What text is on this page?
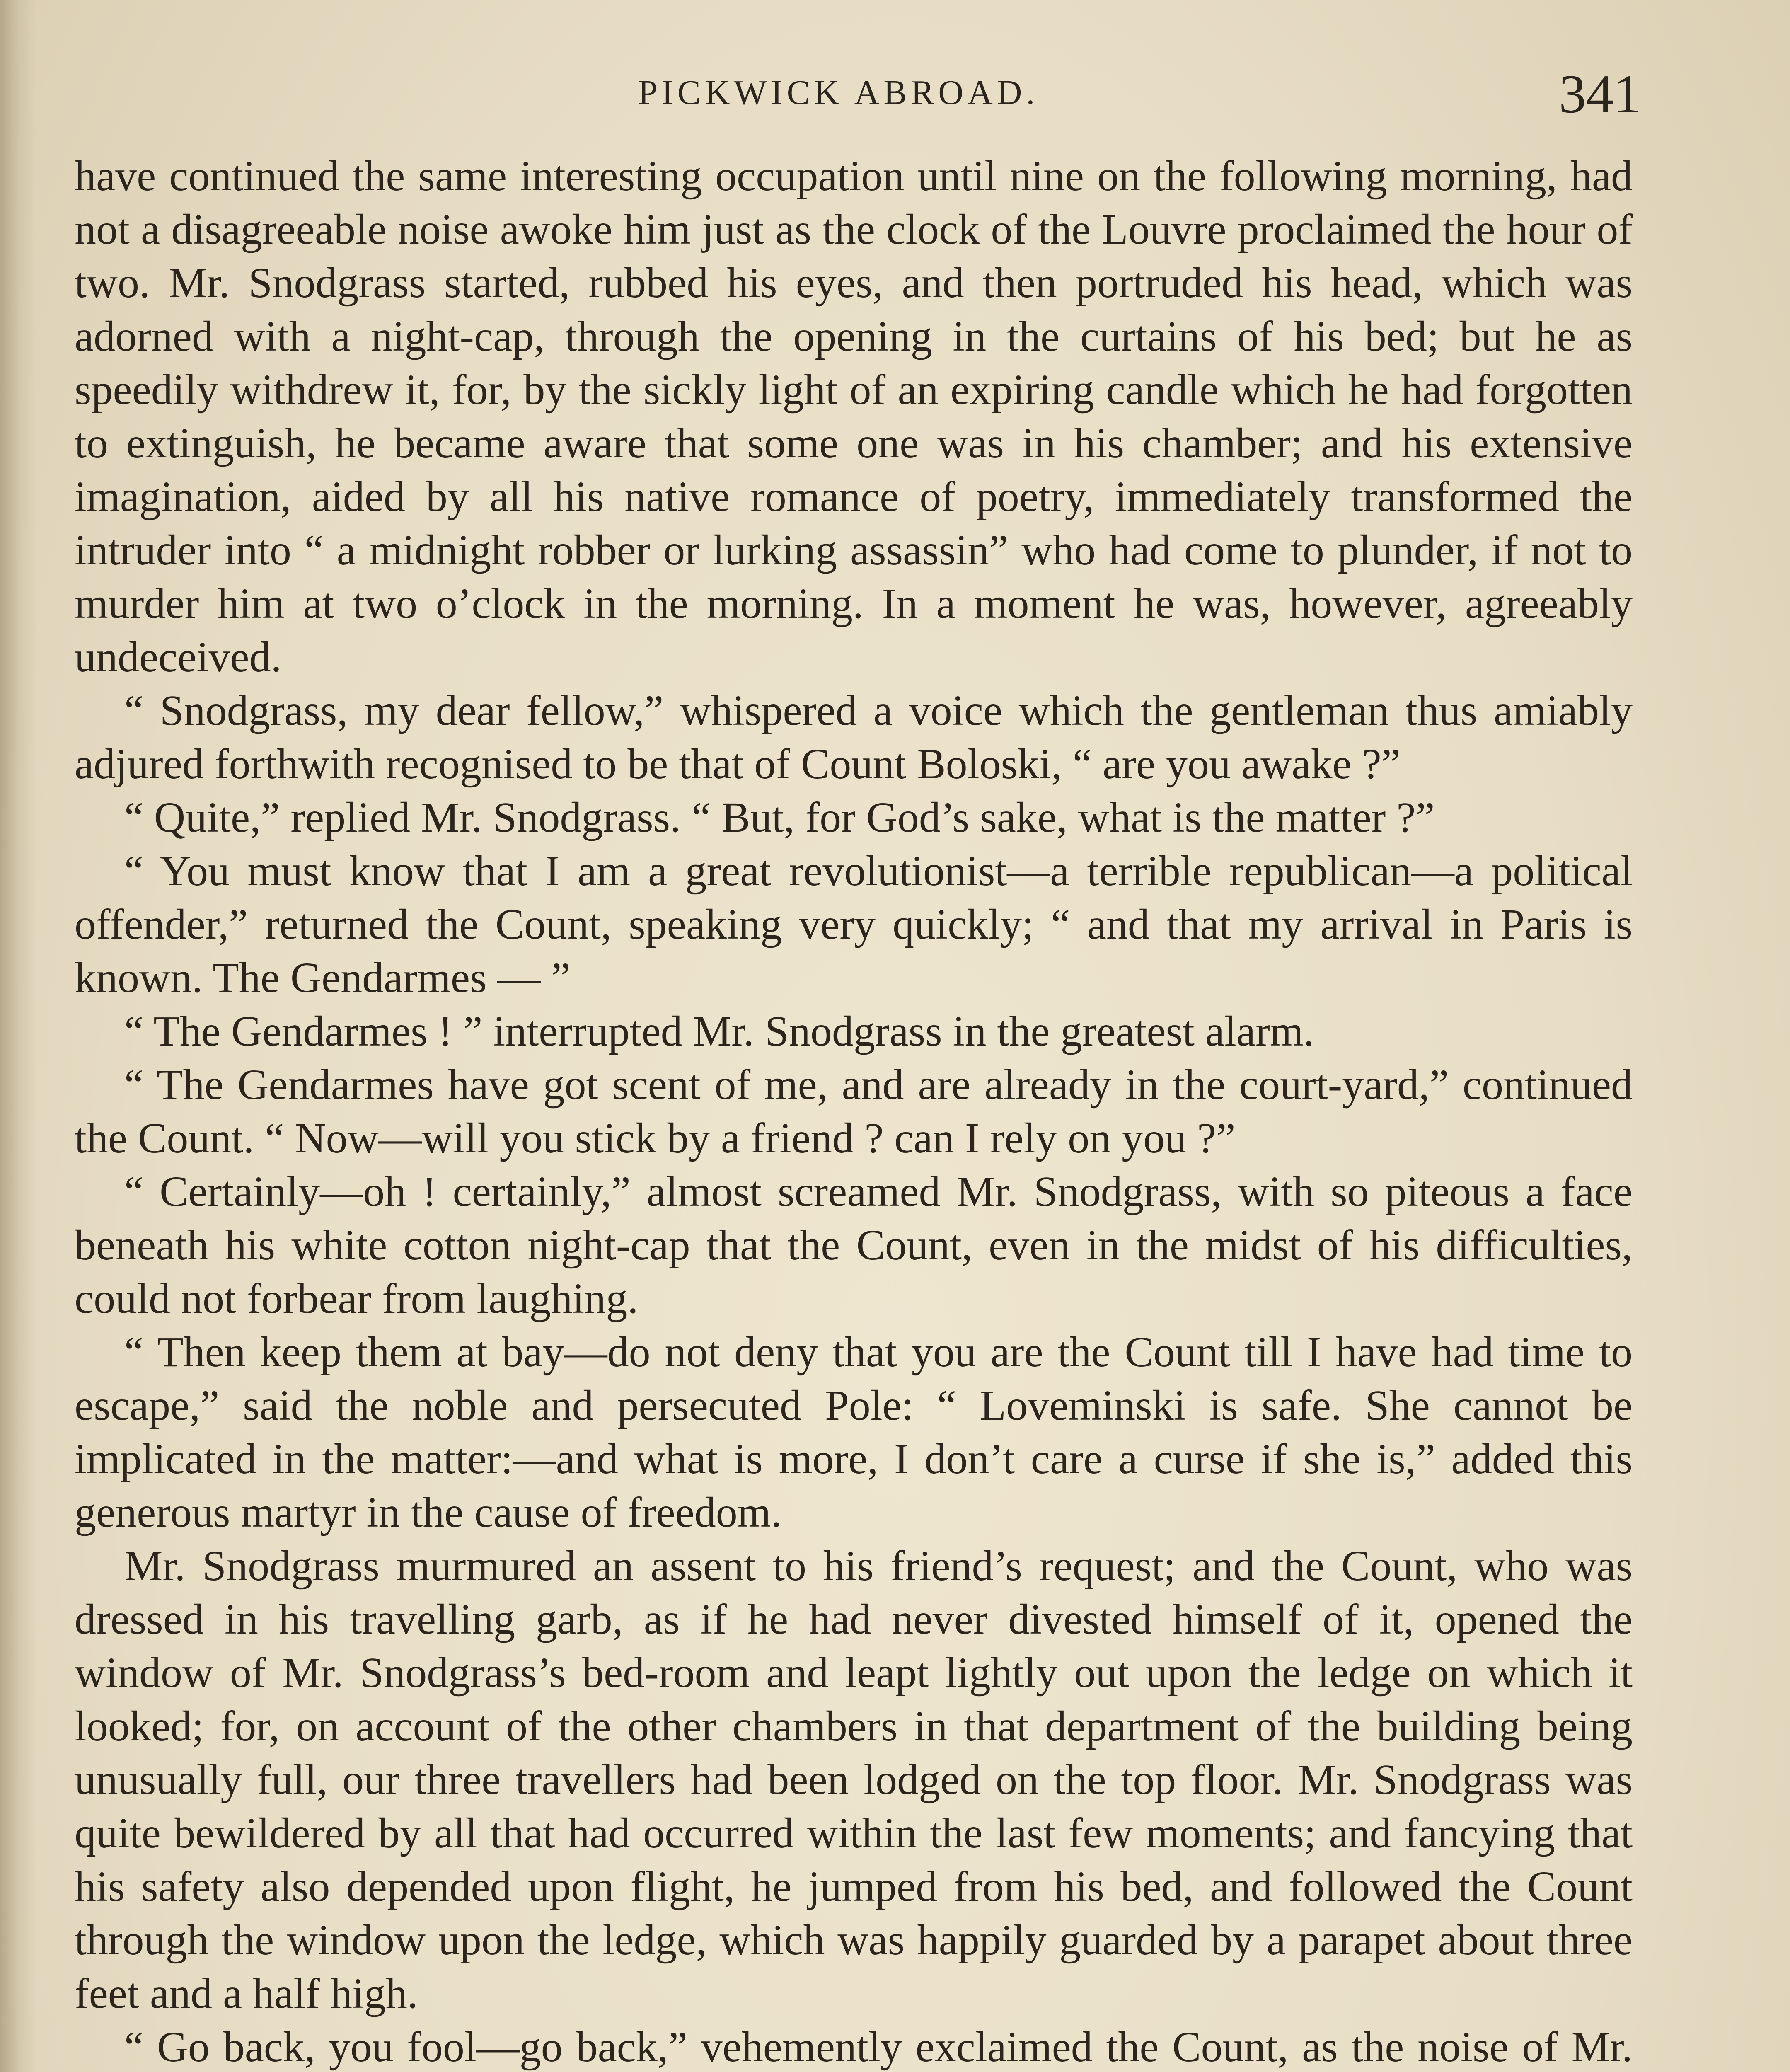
PICKWICK ABROAD.	341

have continued the same interesting occupation until nine on the following morning, had not a disagreeable noise awoke him just as the clock of the Louvre proclaimed the hour of two. Mr. Snodgrass started, rubbed his eyes, and then portruded his head, which was adorned with a night-cap, through the opening in the curtains of his bed; but he as speedily withdrew it, for, by the sickly light of an expiring candle which he had forgotten to extinguish, he became aware that some one was in his chamber; and his extensive imagination, aided by all his native romance of poetry, immediately transformed the intruder into “ a midnight robber or lurking assassin” who had come to plunder, if not to murder him at two o’clock in the morning. In a moment he was, however, agreeably undeceived.

“ Snodgrass, my dear fellow,” whispered a voice which the gentleman thus amiably adjured forthwith recognised to be that of Count Boloski, “ are you awake ?”

“ Quite,” replied Mr. Snodgrass. “ But, for God’s sake, what is the matter ?”

“ You must know that I am a great revolutionist—a terrible republican—a political offender,” returned the Count, speaking very quickly; “ and that my arrival in Paris is known. The Gendarmes — ”

“ The Gendarmes ! ” interrupted Mr. Snodgrass in the greatest alarm.

“ The Gendarmes have got scent of me, and are already in the court-yard,” continued the Count. “ Now—will you stick by a friend ? can I rely on you ?”

“ Certainly—oh ! certainly,” almost screamed Mr. Snodgrass, with so piteous a face beneath his white cotton night-cap that the Count, even in the midst of his difficulties, could not forbear from laughing.

“ Then keep them at bay—do not deny that you are the Count till I have had time to escape,” said the noble and persecuted Pole: “ Loveminski is safe. She cannot be implicated in the matter:—and what is more, I don’t care a curse if she is,” added this generous martyr in the cause of freedom.

Mr. Snodgrass murmured an assent to his friend’s request; and the Count, who was dressed in his travelling garb, as if he had never divested himself of it, opened the window of Mr. Snodgrass’s bed-room and leapt lightly out upon the ledge on which it looked; for, on account of the other chambers in that department of the building being unusually full, our three travellers had been lodged on the top floor. Mr. Snodgrass was quite bewildered by all that had occurred within the last few moments; and fancying that his safety also depended upon flight, he jumped from his bed, and followed the Count through the window upon the ledge, which was happily guarded by a parapet about three feet and a half high.

“ Go back, you fool—go back,” vehemently exclaimed the Count, as the noise of Mr.
